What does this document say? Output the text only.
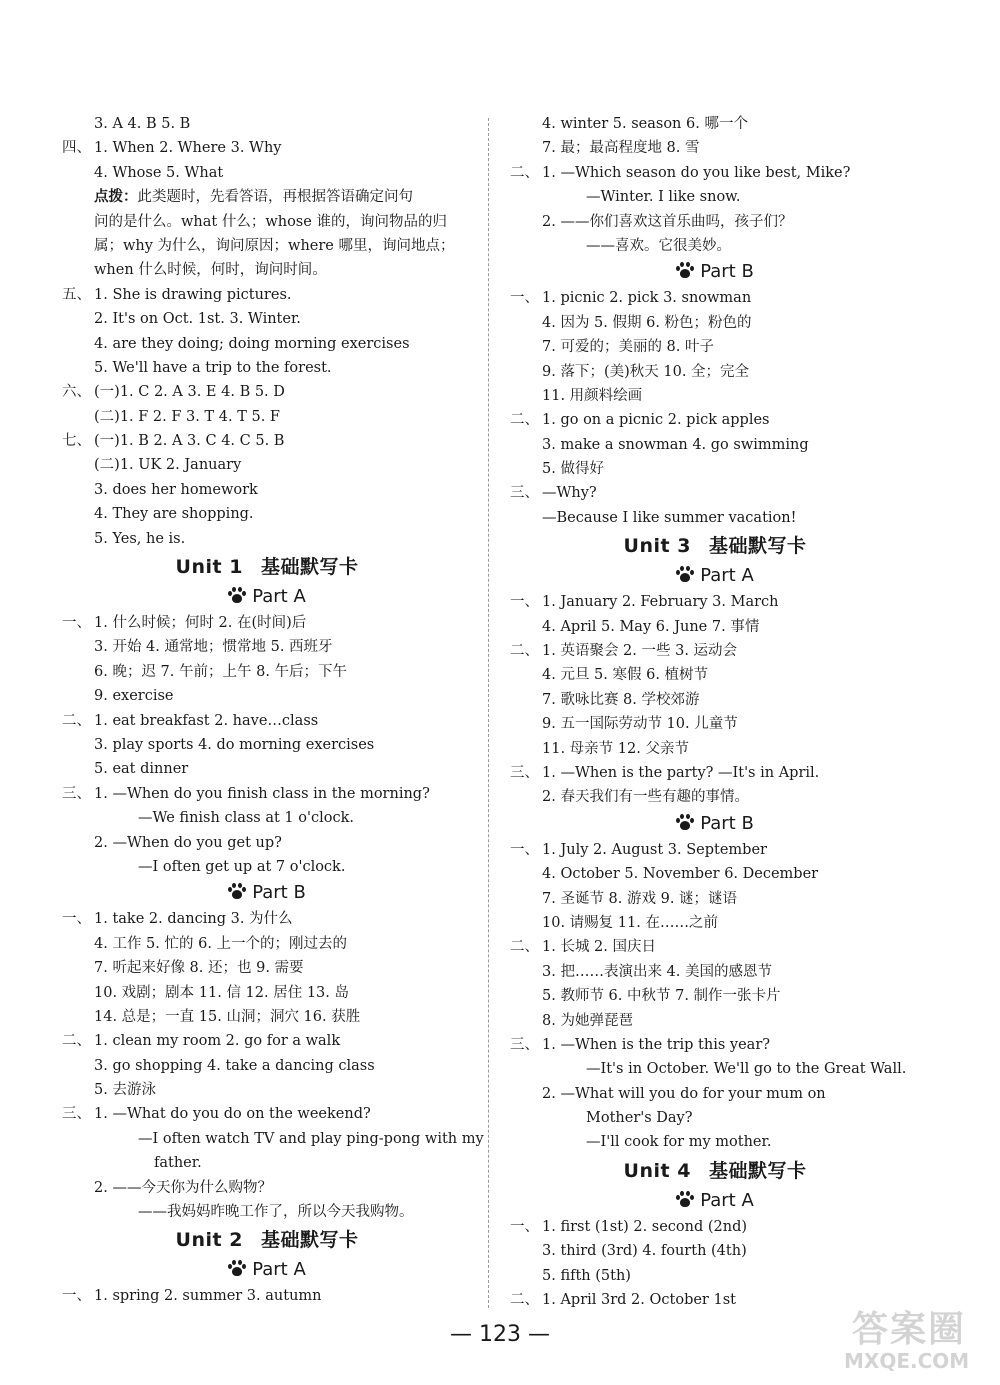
3. A 4. B 5. B
四、 1. When 2. Where 3. Why
4. Whose 5. What
点拨：此类题时，先看答语，再根据答语确定问句
问的是什么。what 什么；whose 谁的，询问物品的归
属；why 为什么，询问原因；where 哪里，询问地点；
when 什么时候，何时，询问时间。
五、 1. She is drawing pictures.
2. It's on Oct. 1st. 3. Winter.
4. are they doing; doing morning exercises
5. We'll have a trip to the forest.
六、 (一)1. C 2. A 3. E 4. B 5. D
(二)1. F 2. F 3. T 4. T 5. F
七、 (一)1. B 2. A 3. C 4. C 5. B
(二)1. UK 2. January
3. does her homework
4. They are shopping.
5. Yes, he is.
Unit 1 基础默写卡
Part A
一、 1. 什么时候；何时 2. 在(时间)后
3. 开始 4. 通常地；惯常地 5. 西班牙
6. 晚；迟 7. 午前；上午 8. 午后；下午
9. exercise
二、 1. eat breakfast 2. have…class
3. play sports 4. do morning exercises
5. eat dinner
三、 1. —When do you finish class in the morning?
—We finish class at 1 o'clock.
2. —When do you get up?
—I often get up at 7 o'clock.
Part B
一、 1. take 2. dancing 3. 为什么
4. 工作 5. 忙的 6. 上一个的；刚过去的
7. 听起来好像 8. 还；也 9. 需要
10. 戏剧；剧本 11. 信 12. 居住 13. 岛
14. 总是；一直 15. 山洞；洞穴 16. 获胜
二、 1. clean my room 2. go for a walk
3. go shopping 4. take a dancing class
5. 去游泳
三、 1. —What do you do on the weekend?
—I often watch TV and play ping-pong with my
father.
2. ——今天你为什么购物？
——我妈妈昨晚工作了，所以今天我购物。
Unit 2 基础默写卡
Part A
一、 1. spring 2. summer 3. autumn
4. winter 5. season 6. 哪一个
7. 最；最高程度地 8. 雪
二、 1. —Which season do you like best, Mike?
—Winter. I like snow.
2. ——你们喜欢这首乐曲吗，孩子们？
——喜欢。它很美妙。
Part B
一、 1. picnic 2. pick 3. snowman
4. 因为 5. 假期 6. 粉色；粉色的
7. 可爱的；美丽的 8. 叶子
9. 落下；(美)秋天 10. 全；完全
11. 用颜料绘画
二、 1. go on a picnic 2. pick apples
3. make a snowman 4. go swimming
5. 做得好
三、 —Why?
—Because I like summer vacation!
Unit 3 基础默写卡
Part A
一、 1. January 2. February 3. March
4. April 5. May 6. June 7. 事情
二、 1. 英语聚会 2. 一些 3. 运动会
4. 元旦 5. 寒假 6. 植树节
7. 歌咏比赛 8. 学校郊游
9. 五一国际劳动节 10. 儿童节
11. 母亲节 12. 父亲节
三、 1. —When is the party? —It's in April.
2. 春天我们有一些有趣的事情。
Part B
一、 1. July 2. August 3. September
4. October 5. November 6. December
7. 圣诞节 8. 游戏 9. 谜；谜语
10. 请赐复 11. 在……之前
二、 1. 长城 2. 国庆日
3. 把……表演出来 4. 美国的感恩节
5. 教师节 6. 中秋节 7. 制作一张卡片
8. 为她弹琵琶
三、 1. —When is the trip this year?
—It's in October. We'll go to the Great Wall.
2. —What will you do for your mum on
Mother's Day?
—I'll cook for my mother.
Unit 4 基础默写卡
Part A
一、 1. first (1st) 2. second (2nd)
3. third (3rd) 4. fourth (4th)
5. fifth (5th)
二、 1. April 3rd 2. October 1st
— 123 —	答案圈
MXQE.COM
